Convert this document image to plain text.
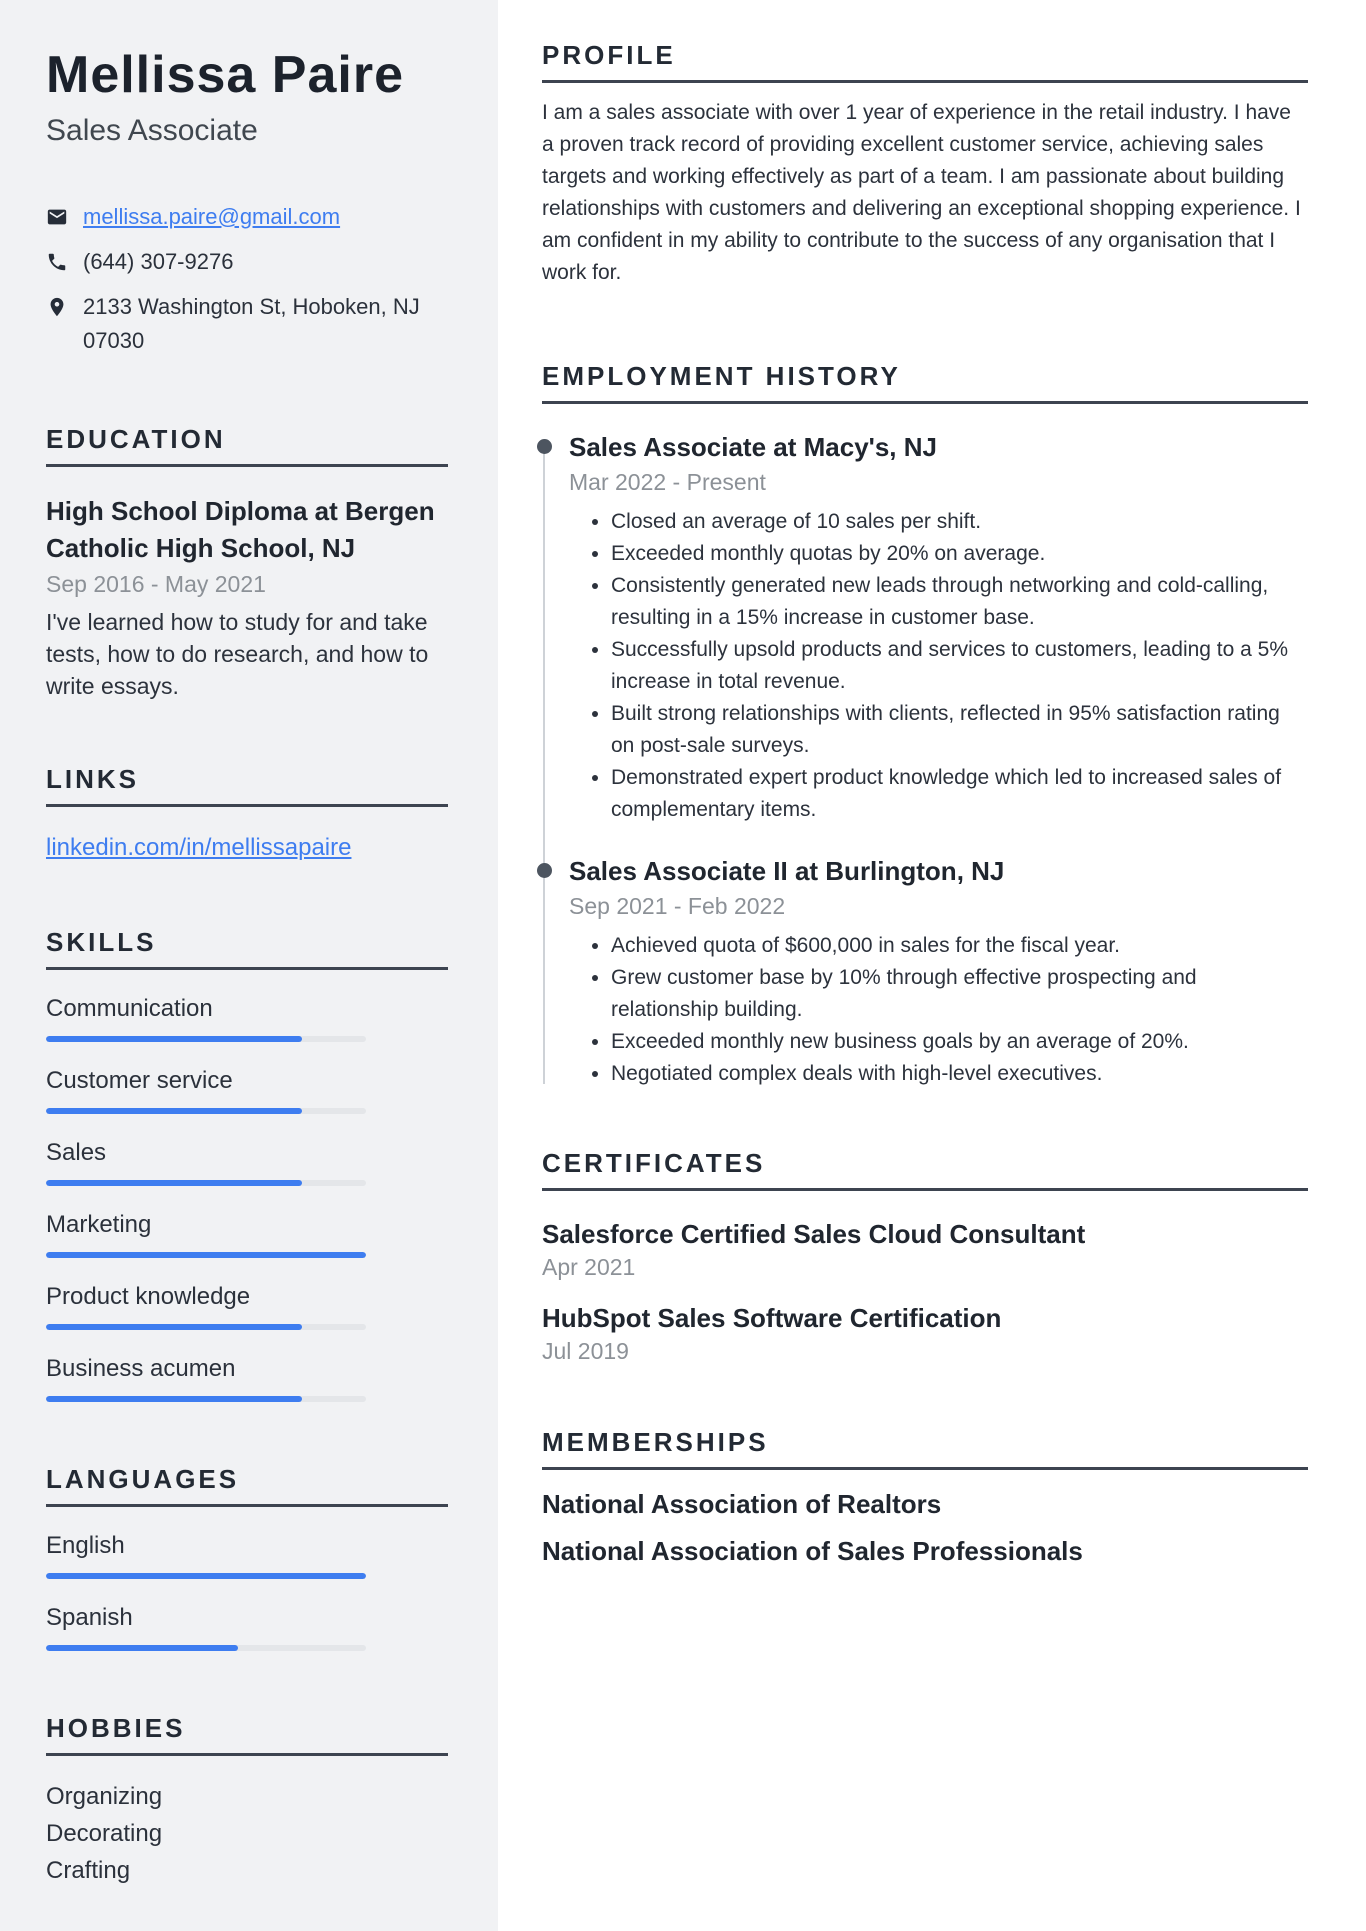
Mellissa Paire
Sales Associate
mellissa.paire@gmail.com
(644) 307-9276
2133 Washington St, Hoboken, NJ 07030
EDUCATION
High School Diploma at Bergen Catholic High School, NJ
Sep 2016 - May 2021
I've learned how to study for and take tests, how to do research, and how to write essays.
LINKS
linkedin.com/in/mellissapaire
SKILLS
Communication
Customer service
Sales
Marketing
Product knowledge
Business acumen
LANGUAGES
English
Spanish
HOBBIES
Organizing
Decorating
Crafting
PROFILE

I am a sales associate with over 1 year of experience in the retail industry. I have a proven track record of providing excellent customer service, achieving sales targets and working effectively as part of a team. I am passionate about building relationships with customers and delivering an exceptional shopping experience. I am confident in my ability to contribute to the success of any organisation that I work for.

EMPLOYMENT HISTORY
Sales Associate at Macy's, NJ
Mar 2022 - Present
• Closed an average of 10 sales per shift.
• Exceeded monthly quotas by 20% on average.
• Consistently generated new leads through networking and cold-calling, resulting in a 15% increase in customer base.
• Successfully upsold products and services to customers, leading to a 5% increase in total revenue.
• Built strong relationships with clients, reflected in 95% satisfaction rating on post-sale surveys.
• Demonstrated expert product knowledge which led to increased sales of complementary items.
Sales Associate II at Burlington, NJ
Sep 2021 - Feb 2022
• Achieved quota of $600,000 in sales for the fiscal year.
• Grew customer base by 10% through effective prospecting and relationship building.
• Exceeded monthly new business goals by an average of 20%.
• Negotiated complex deals with high-level executives.
CERTIFICATES
Salesforce Certified Sales Cloud Consultant
Apr 2021
HubSpot Sales Software Certification
Jul 2019
MEMBERSHIPS
National Association of Realtors
National Association of Sales Professionals
